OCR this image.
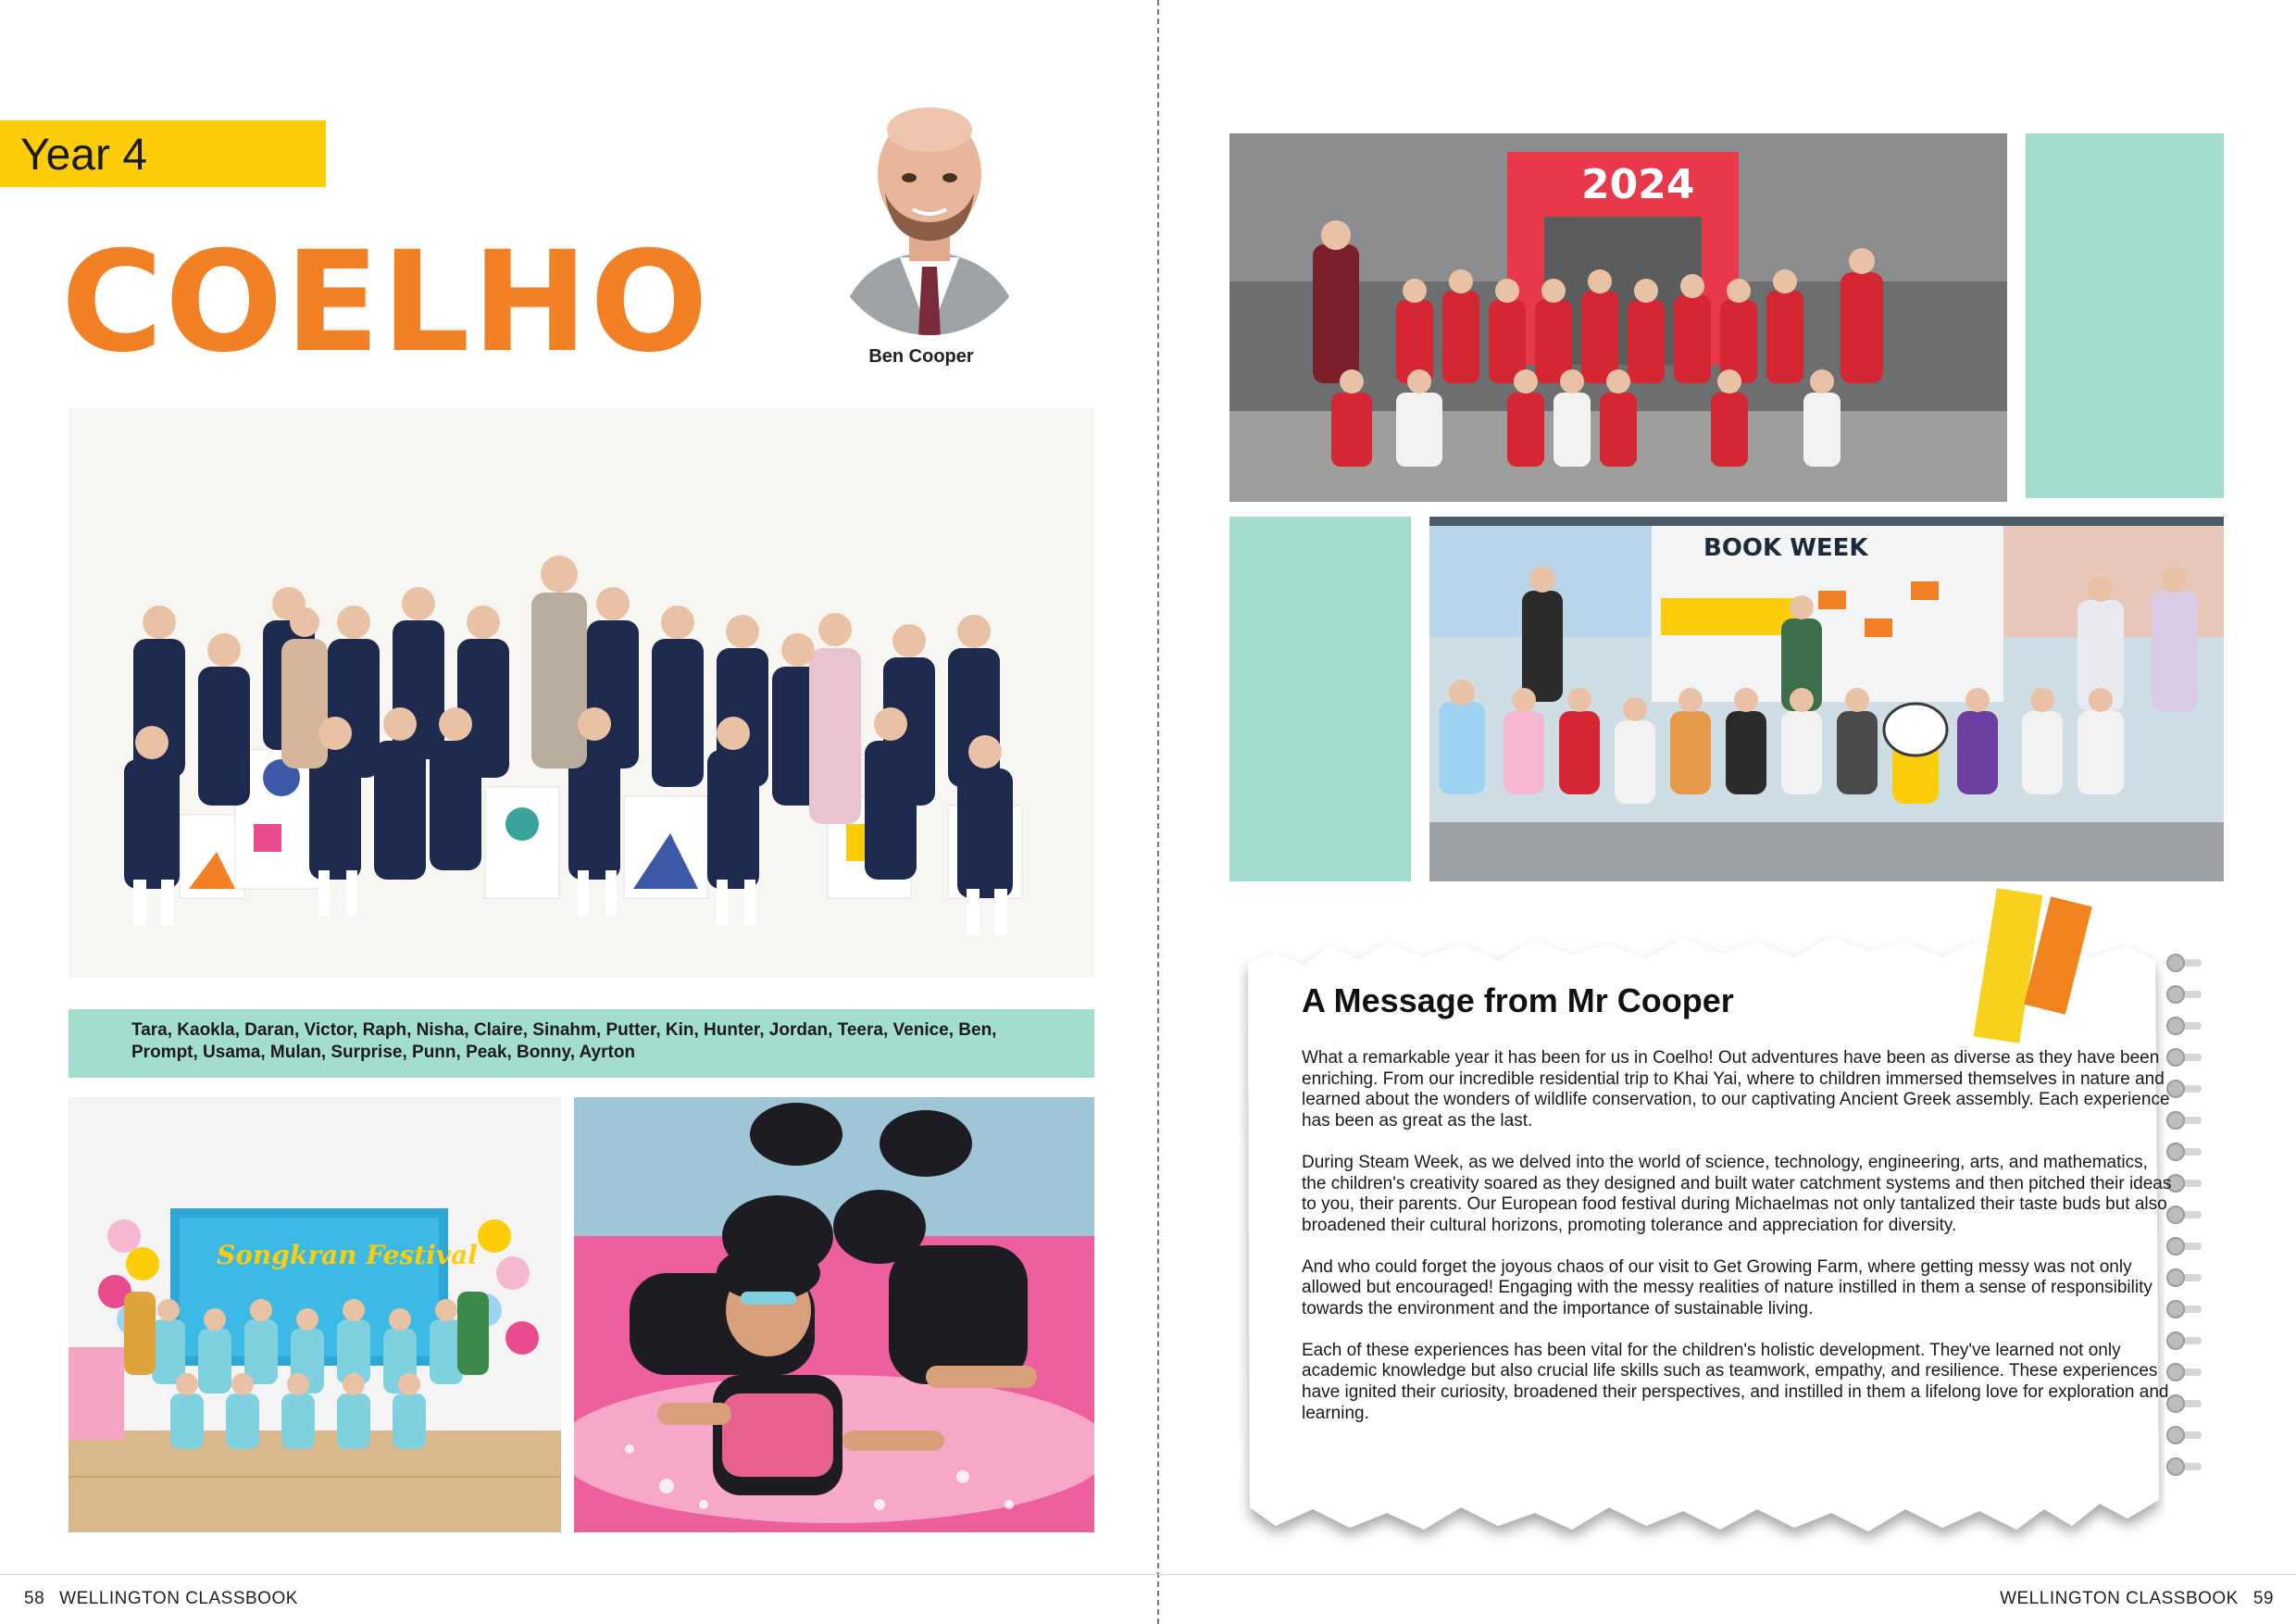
Year 4
COELHO	Ben Cooper
Tara, Kaokla, Daran, Victor, Raph, Nisha, Claire, Sinahm, Putter, Kin, Hunter, Jordan, Teera, Venice, Ben,
Prompt, Usama, Mulan, Surprise, Punn, Peak, Bonny, Ayrton
Songkran Festival
58 WELLINGTON CLASSBOOK
2024
BOOK WEEK
A Message from Mr Cooper

What a remarkable year it has been for us in Coelho! Out adventures have been as diverse as they have been enriching. From our incredible residential trip to Khai Yai, where to children immersed themselves in nature and learned about the wonders of wildlife conservation, to our captivating Ancient Greek assembly. Each experience has been as great as the last.

During Steam Week, as we delved into the world of science, technology, engineering, arts, and mathematics, the children's creativity soared as they designed and built water catchment systems and then pitched their ideas to you, their parents. Our European food festival during Michaelmas not only tantalized their taste buds but also broadened their cultural horizons, promoting tolerance and appreciation for diversity.

And who could forget the joyous chaos of our visit to Get Growing Farm, where getting messy was not only allowed but encouraged! Engaging with the messy realities of nature instilled in them a sense of responsibility towards the environment and the importance of sustainable living.

Each of these experiences has been vital for the children's holistic development. They've learned not only academic knowledge but also crucial life skills such as teamwork, empathy, and resilience. These experiences have ignited their curiosity, broadened their perspectives, and instilled in them a lifelong love for exploration and learning.

WELLINGTON CLASSBOOK 59
